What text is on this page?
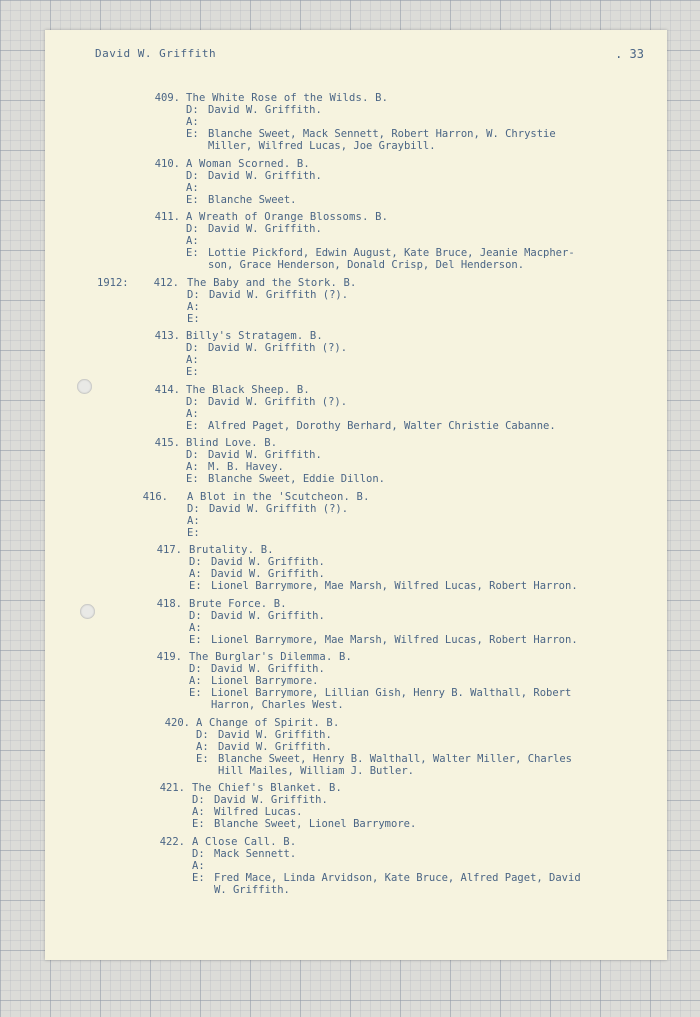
David W. Griffith	. 33
409. The White Rose of the Wilds. B.
D: David W. Griffith.
A:
E: Blanche Sweet, Mack Sennett, Robert Harron, W. Chrystie
Miller, Wilfred Lucas, Joe Graybill.
410. A Woman Scorned. B.
D: David W. Griffith.
A:
E: Blanche Sweet.
411. A Wreath of Orange Blossoms. B.
D: David W. Griffith.
A:
E: Lottie Pickford, Edwin August, Kate Bruce, Jeanie Macpher-
son, Grace Henderson, Donald Crisp, Del Henderson.
1912:	412. The Baby and the Stork. B.
D: David W. Griffith (?).
A:
E:
413. Billy's Stratagem. B.
D: David W. Griffith (?).
A:
E:
414. The Black Sheep. B.
D: David W. Griffith (?).
A:
E: Alfred Paget, Dorothy Berhard, Walter Christie Cabanne.
415. Blind Love. B.
D: David W. Griffith.
A: M. B. Havey.
E: Blanche Sweet, Eddie Dillon.
416. A Blot in the 'Scutcheon. B.
D: David W. Griffith (?).
A:
E:
417. Brutality. B.
D: David W. Griffith.
A: David W. Griffith.
E: Lionel Barrymore, Mae Marsh, Wilfred Lucas, Robert Harron.
418. Brute Force. B.
D: David W. Griffith.
A:
E: Lionel Barrymore, Mae Marsh, Wilfred Lucas, Robert Harron.
419. The Burglar's Dilemma. B.
D: David W. Griffith.
A: Lionel Barrymore.
E: Lionel Barrymore, Lillian Gish, Henry B. Walthall, Robert
Harron, Charles West.
420. A Change of Spirit. B.
D: David W. Griffith.
A: David W. Griffith.
E: Blanche Sweet, Henry B. Walthall, Walter Miller, Charles
Hill Mailes, William J. Butler.
421. The Chief's Blanket. B.
D: David W. Griffith.
A: Wilfred Lucas.
E: Blanche Sweet, Lionel Barrymore.
422. A Close Call. B.
D: Mack Sennett.
A:
E: Fred Mace, Linda Arvidson, Kate Bruce, Alfred Paget, David
W. Griffith.
